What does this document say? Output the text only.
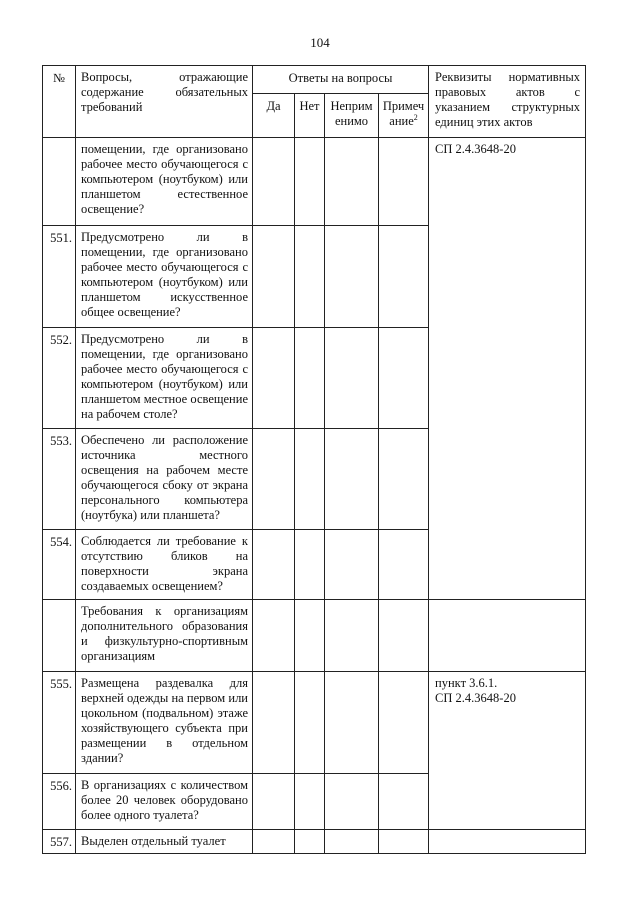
104
№	Вопросы, отражающие содержание обязательных требований	Ответы на вопросы				Реквизиты нормативных правовых актов с указанием структурных единиц этих актов
		Да	Нет	Неприм енимо	Примеч ание$^2$
	помещении, где организовано рабочее место обучающегося с компьютером (ноутбуком) или планшетом естественное освещение?					СП 2.4.3648-20
551.	Предусмотрено ли в помещении, где организовано рабочее место обучающегося с компьютером (ноутбуком) или планшетом искусственное общее освещение?					
552.	Предусмотрено ли в помещении, где организовано рабочее место обучающегося с компьютером (ноутбуком) или планшетом местное освещение на рабочем столе?					
553.	Обеспечено ли расположение источника местного освещения на рабочем месте обучающегося сбоку от экрана персонального компьютера (ноутбука) или планшета?					
554.	Соблюдается ли требование к отсутствию бликов на поверхности экрана создаваемых освещением?					
	Требования к организациям дополнительного образования и физкультурно-спортивным организациям					
555.	Размещена раздевалка для верхней одежды на первом или цокольном (подвальном) этаже хозяйствующего субъекта при размещении в отдельном здании?					пункт 3.6.1.
СП 2.4.3648-20

556.	В организациях с количеством более 20 человек оборудовано более одного туалета?					
557.	Выделен отдельный туалет					
